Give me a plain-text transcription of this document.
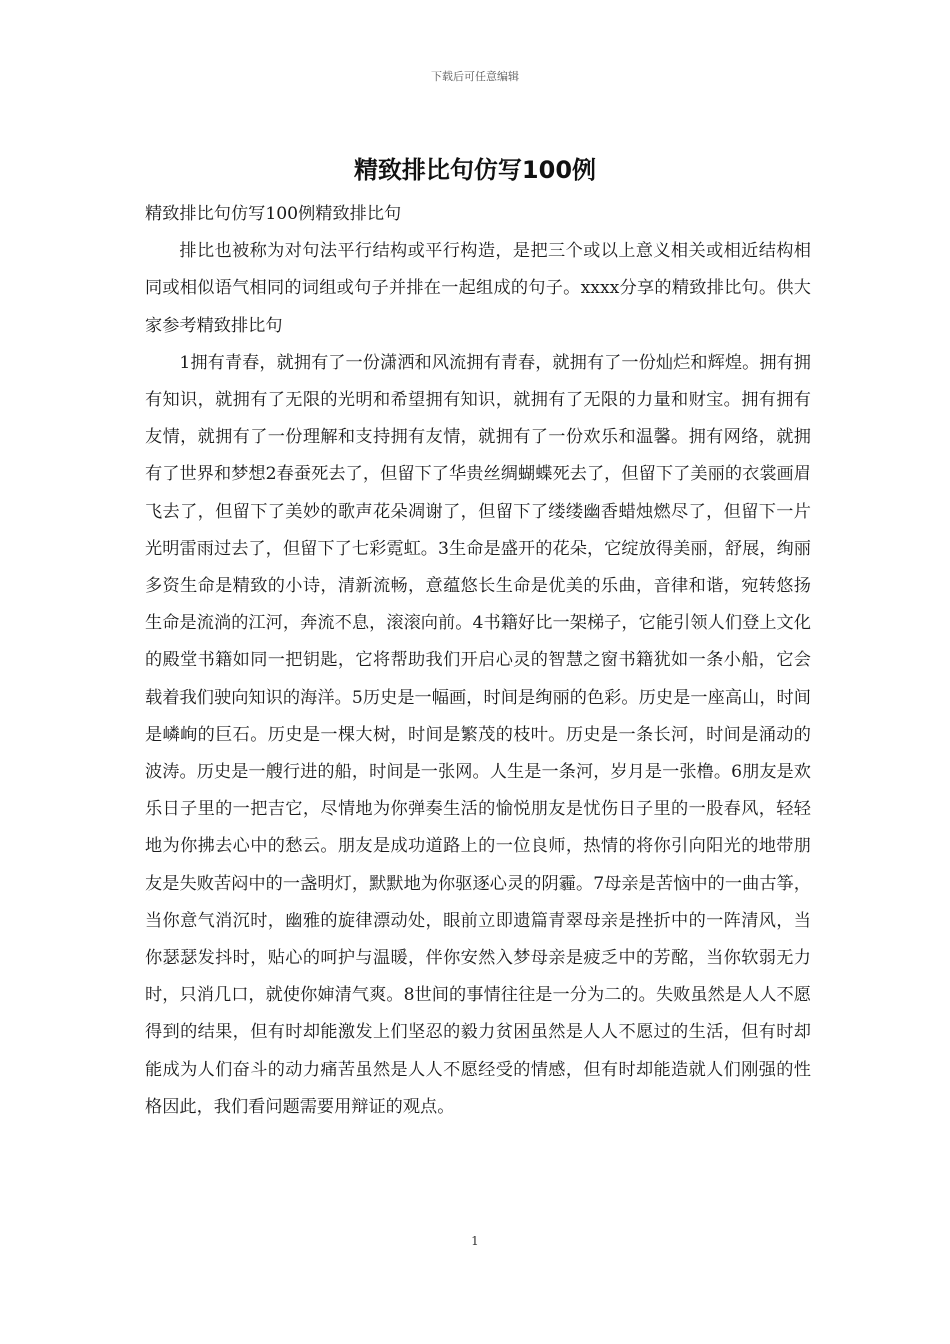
下载后可任意编辑
精致排比句仿写100例

精致排比句仿写100例精致排比句

排比也被称为对句法平行结构或平行构造，是把三个或以上意义相关或相近结构相同或相似语气相同的词组或句子并排在一起组成的句子。xxxx分享的精致排比句。供大家参考精致排比句

1拥有青春，就拥有了一份潇洒和风流拥有青春，就拥有了一份灿烂和辉煌。拥有拥有知识，就拥有了无限的光明和希望拥有知识，就拥有了无限的力量和财宝。拥有拥有友情，就拥有了一份理解和支持拥有友情，就拥有了一份欢乐和温馨。拥有网络，就拥有了世界和梦想2春蚕死去了，但留下了华贵丝绸蝴蝶死去了，但留下了美丽的衣裳画眉飞去了，但留下了美妙的歌声花朵凋谢了，但留下了缕缕幽香蜡烛燃尽了，但留下一片光明雷雨过去了，但留下了七彩霓虹。3生命是盛开的花朵，它绽放得美丽，舒展，绚丽多资生命是精致的小诗，清新流畅，意蕴悠长生命是优美的乐曲，音律和谐，宛转悠扬生命是流淌的江河，奔流不息，滚滚向前。4书籍好比一架梯子，它能引领人们登上文化的殿堂书籍如同一把钥匙，它将帮助我们开启心灵的智慧之窗书籍犹如一条小船，它会载着我们驶向知识的海洋。5历史是一幅画，时间是绚丽的色彩。历史是一座高山，时间是嶙峋的巨石。历史是一棵大树，时间是繁茂的枝叶。历史是一条长河，时间是涌动的波涛。历史是一艘行进的船，时间是一张网。人生是一条河，岁月是一张橹。6朋友是欢乐日子里的一把吉它，尽情地为你弹奏生活的愉悦朋友是忧伤日子里的一股春风，轻轻地为你拂去心中的愁云。朋友是成功道路上的一位良师，热情的将你引向阳光的地带朋友是失败苦闷中的一盏明灯，默默地为你驱逐心灵的阴霾。7母亲是苦恼中的一曲古筝，当你意气消沉时，幽雅的旋律漂动处，眼前立即遗篇青翠母亲是挫折中的一阵清风，当你瑟瑟发抖时，贴心的呵护与温暖，伴你安然入梦母亲是疲乏中的芳酩，当你软弱无力时，只消几口，就使你婶清气爽。8世间的事情往往是一分为二的。失败虽然是人人不愿得到的结果，但有时却能激发上们坚忍的毅力贫困虽然是人人不愿过的生活，但有时却能成为人们奋斗的动力痛苦虽然是人人不愿经受的情感，但有时却能造就人们刚强的性格因此，我们看问题需要用辩证的观点。

1
